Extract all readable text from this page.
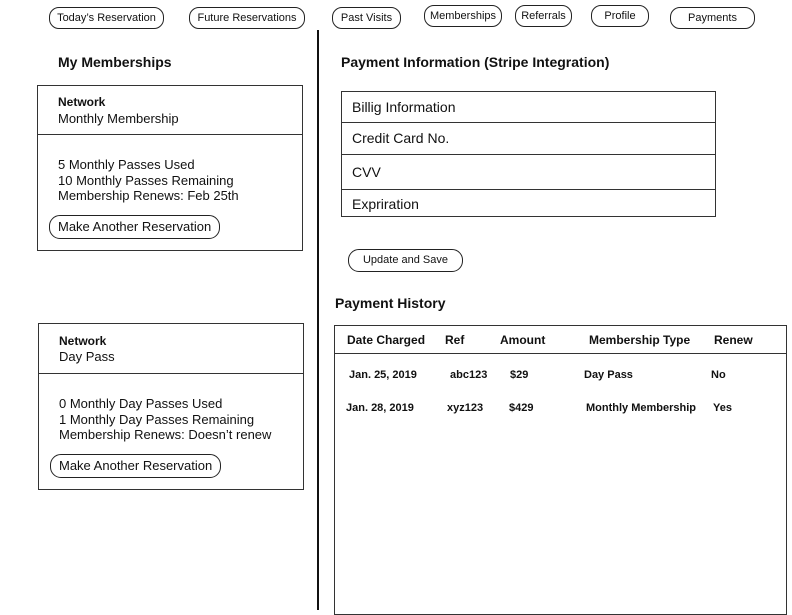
Today’s Reservation	Future Reservations	Past Visits	Memberships	Referrals	Profile	Payments
My Memberships
Network
Monthly Membership
5 Monthly Passes Used
10 Monthly Passes Remaining
Membership Renews: Feb 25th
Make Another Reservation
Network
Day Pass
0 Monthly Day Passes Used
1 Monthly Day Passes Remaining
Membership Renews: Doesn’t renew
Make Another Reservation
Payment Information (Stripe Integration)
Billig Information
Credit Card No.
CVV
Expriration
Update and Save
Payment History
Date Charged Ref	Amount	Membership Type Renew
Jan. 25, 2019	abc123 $29	Day Pass	No
Jan. 28, 2019	xyz123 $429	Monthly Membership Yes
